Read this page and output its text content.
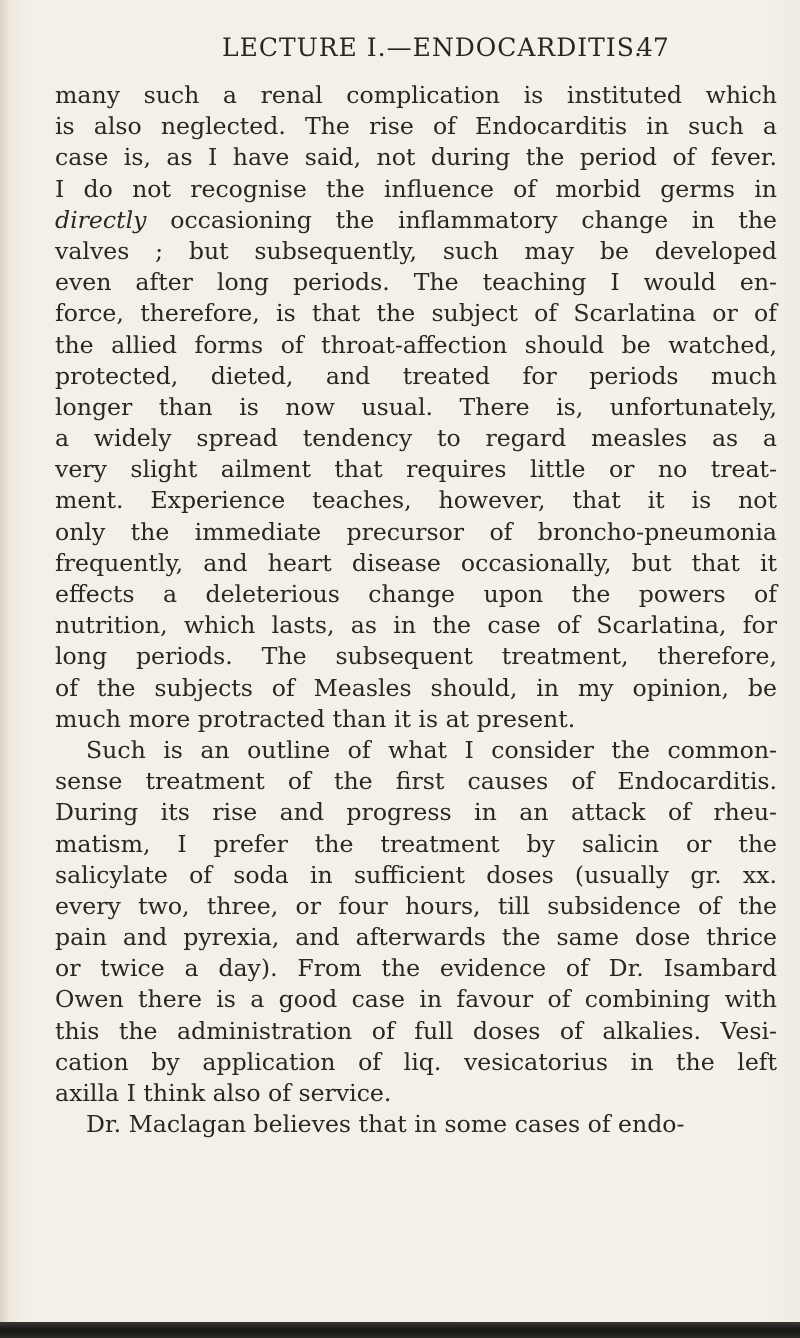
LECTURE I.—ENDOCARDITIS.
47
many such a renal complication is instituted which
is also neglected. The rise of Endocarditis in such a
case is, as I have said, not during the period of fever.
I do not recognise the influence of morbid germs in
directly occasioning the inflammatory change in the
valves ; but subsequently, such may be developed
even after long periods. The teaching I would en-
force, therefore, is that the subject of Scarlatina or of
the allied forms of throat-affection should be watched,
protected, dieted, and treated for periods much
longer than is now usual. There is, unfortunately,
a widely spread tendency to regard measles as a
very slight ailment that requires little or no treat-
ment. Experience teaches, however, that it is not
only the immediate precursor of broncho-pneumonia
frequently, and heart disease occasionally, but that it
effects a deleterious change upon the powers of
nutrition, which lasts, as in the case of Scarlatina, for
long periods. The subsequent treatment, therefore,
of the subjects of Measles should, in my opinion, be
much more protracted than it is at present.
Such is an outline of what I consider the common-
sense treatment of the first causes of Endocarditis.
During its rise and progress in an attack of rheu-
matism, I prefer the treatment by salicin or the
salicylate of soda in sufficient doses (usually gr. xx.
every two, three, or four hours, till subsidence of the
pain and pyrexia, and afterwards the same dose thrice
or twice a day). From the evidence of Dr. Isambard
Owen there is a good case in favour of combining with
this the administration of full doses of alkalies. Vesi-
cation by application of liq. vesicatorius in the left
axilla I think also of service.
Dr. Maclagan believes that in some cases of endo-
